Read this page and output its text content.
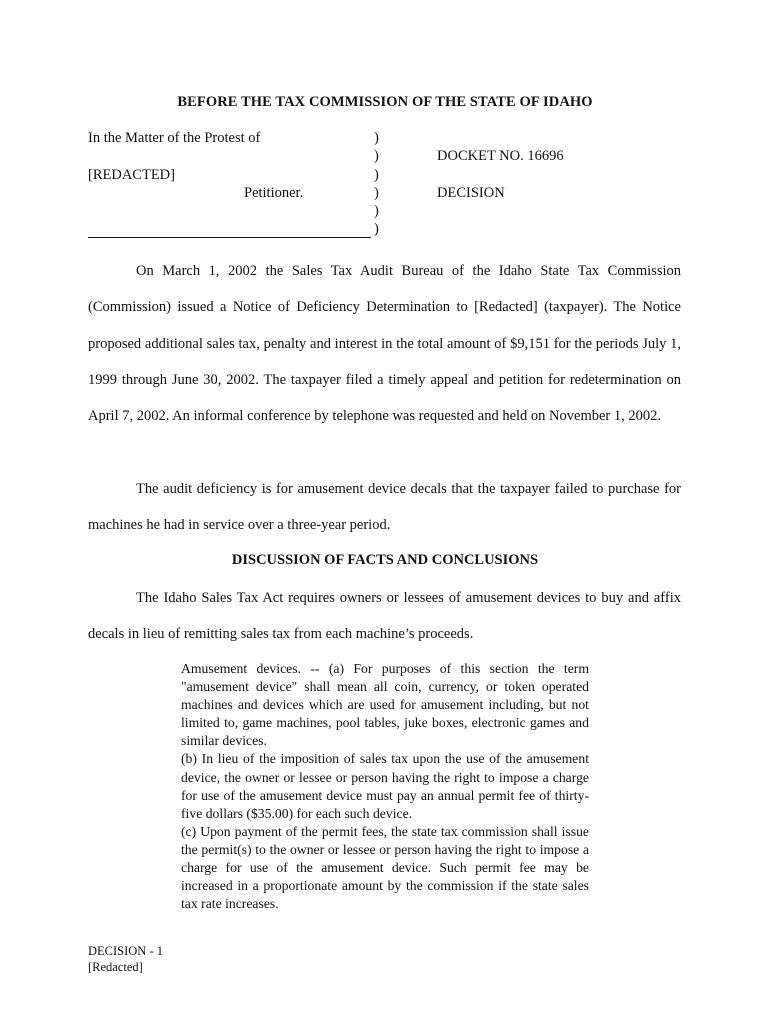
BEFORE THE TAX COMMISSION OF THE STATE OF IDAHO
In the Matter of the Protest of
[REDACTED]
Petitioner.
)
)
)
)
)
)
DOCKET NO. 16696
DECISION

On March 1, 2002 the Sales Tax Audit Bureau of the Idaho State Tax Commission (Commission) issued a Notice of Deficiency Determination to [Redacted] (taxpayer). The Notice proposed additional sales tax, penalty and interest in the total amount of $9,151 for the periods July 1, 1999 through June 30, 2002. The taxpayer filed a timely appeal and petition for redetermination on April 7, 2002. An informal conference by telephone was requested and held on November 1, 2002.

The audit deficiency is for amusement device decals that the taxpayer failed to purchase for machines he had in service over a three-year period.

DISCUSSION OF FACTS AND CONCLUSIONS

The Idaho Sales Tax Act requires owners or lessees of amusement devices to buy and affix decals in lieu of remitting sales tax from each machine’s proceeds.

Amusement devices. -- (a) For purposes of this section the term "amusement device" shall mean all coin, currency, or token operated machines and devices which are used for amusement including, but not limited to, game machines, pool tables, juke boxes, electronic games and similar devices.

(b) In lieu of the imposition of sales tax upon the use of the amusement device, the owner or lessee or person having the right to impose a charge for use of the amusement device must pay an annual permit fee of thirty-five dollars ($35.00) for each such device.

(c) Upon payment of the permit fees, the state tax commission shall issue the permit(s) to the owner or lessee or person having the right to impose a charge for use of the amusement device. Such permit fee may be increased in a proportionate amount by the commission if the state sales tax rate increases.

DECISION - 1
[Redacted]
